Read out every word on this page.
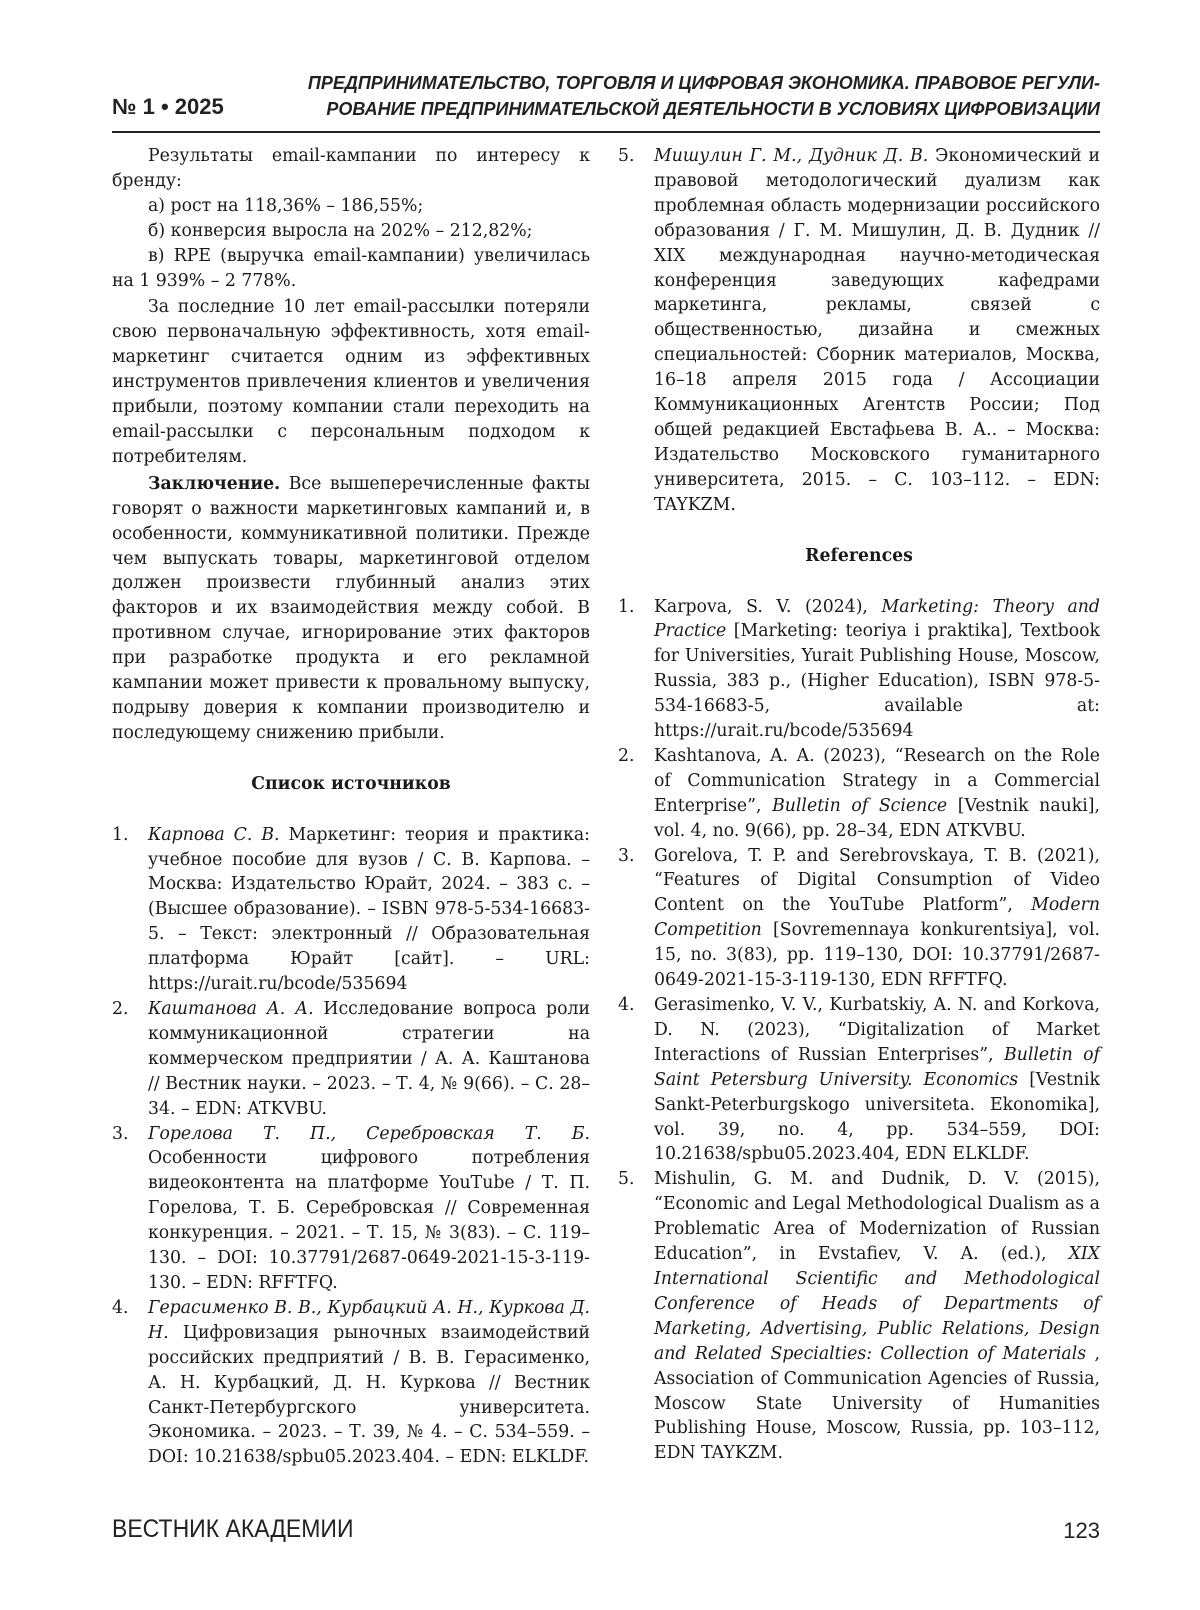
№ 1 • 2025
ПРЕДПРИНИМАТЕЛЬСТВО, ТОРГОВЛЯ И ЦИФРОВАЯ ЭКОНОМИКА. ПРАВОВОЕ РЕГУЛИ-
РОВАНИЕ ПРЕДПРИНИМАТЕЛЬСКОЙ ДЕЯТЕЛЬНОСТИ В УСЛОВИЯХ ЦИФРОВИЗАЦИИ

Результаты email-кампании по интересу к бренду:

а) рост на 118,36% – 186,55%;

б) конверсия выросла на 202% – 212,82%;

в) RPE (выручка email-кампании) увеличилась на 1 939% – 2 778%.

За последние 10 лет email-рассылки потеряли свою первоначальную эффективность, хотя email-маркетинг считается одним из эффективных инструментов привлечения клиентов и увеличения прибыли, поэтому компании стали переходить на email-рассылки с персональным подходом к потребителям.

Заключение. Все вышеперечисленные факты говорят о важности маркетинговых кампаний и, в особенности, коммуникативной политики. Прежде чем выпускать товары, маркетинговой отделом должен произвести глубинный анализ этих факторов и их взаимодействия между собой. В противном случае, игнорирование этих факторов при разработке продукта и его рекламной кампании может привести к провальному выпуску, подрыву доверия к компании производителю и последующему снижению прибыли.

Список источников
1. Карпова С. В. Маркетинг: теория и практика: учебное пособие для вузов / С. В. Карпова. – Москва: Издательство Юрайт, 2024. – 383 с. – (Высшее образование). – ISBN 978-5-534-16683-5. – Текст: электронный // Образовательная платформа Юрайт [сайт]. – URL: https://urait.ru/bcode/535694
2. Каштанова А. А. Исследование вопроса роли коммуникационной стратегии на коммерческом предприятии / А. А. Каштанова // Вестник науки. – 2023. – Т. 4, № 9(66). – С. 28–34. – EDN: ATKVBU.
3. Горелова Т. П., Серебровская Т. Б. Особенности цифрового потребления видеоконтента на платформе YouTube / Т. П. Горелова, Т. Б. Серебровская // Современная конкуренция. – 2021. – Т. 15, № 3(83). – С. 119–130. – DOI: 10.37791/2687-0649-2021-15-3-119-130. – EDN: RFFTFQ.
4. Герасименко В. В., Курбацкий А. Н., Куркова Д. Н. Цифровизация рыночных взаимодействий российских предприятий / В. В. Герасименко, А. Н. Курбацкий, Д. Н. Куркова // Вестник Санкт-Петербургского университета. Экономика. – 2023. – Т. 39, № 4. – С. 534–559. – DOI: 10.21638/spbu05.2023.404. – EDN: ELKLDF.
5. Мишулин Г. М., Дудник Д. В. Экономический и правовой методологический дуализм как проблемная область модернизации российского образования / Г. М. Мишулин, Д. В. Дудник // XIX международная научно-методическая конференция заведующих кафедрами маркетинга, рекламы, связей с общественностью, дизайна и смежных специальностей: Сборник материалов, Москва, 16–18 апреля 2015 года / Ассоциации Коммуникационных Агентств России; Под общей редакцией Евстафьева В. А.. – Москва: Издательство Московского гуманитарного университета, 2015. – С. 103–112. – EDN: TAYKZM.
References
1. Karpova, S. V. (2024), Marketing: Theory and Practice [Marketing: teoriya i praktika], Textbook for Universities, Yurait Publishing House, Moscow, Russia, 383 p., (Higher Education), ISBN 978-5-534-16683-5, available at: https://urait.ru/bcode/535694
2. Kashtanova, A. A. (2023), “Research on the Role of Communication Strategy in a Commercial Enterprise”, Bulletin of Science [Vestnik nauki], vol. 4, no. 9(66), pp. 28–34, EDN ATKVBU.
3. Gorelova, T. P. and Serebrovskaya, T. B. (2021), “Features of Digital Consumption of Video Content on the YouTube Platform”, Modern Competition [Sovremennaya konkurentsiya], vol. 15, no. 3(83), pp. 119–130, DOI: 10.37791/2687-0649-2021-15-3-119-130, EDN RFFTFQ.
4. Gerasimenko, V. V., Kurbatskiy, A. N. and Korkova, D. N. (2023), “Digitalization of Market Interactions of Russian Enterprises”, Bulletin of Saint Petersburg University. Economics [Vestnik Sankt-Peterburgskogo universiteta. Ekonomika], vol. 39, no. 4, pp. 534–559, DOI: 10.21638/spbu05.2023.404, EDN ELKLDF.
5. Mishulin, G. M. and Dudnik, D. V. (2015), “Economic and Legal Methodological Dualism as a Problematic Area of Modernization of Russian Education”, in Evstafiev, V. A. (ed.), XIX International Scientific and Methodological Conference of Heads of Departments of Marketing, Advertising, Public Relations, Design and Related Specialties: Collection of Materials , Association of Communication Agencies of Russia, Moscow State University of Humanities Publishing House, Moscow, Russia, pp. 103–112, EDN TAYKZM.
ВЕСТНИК АКАДЕМИИ	123
